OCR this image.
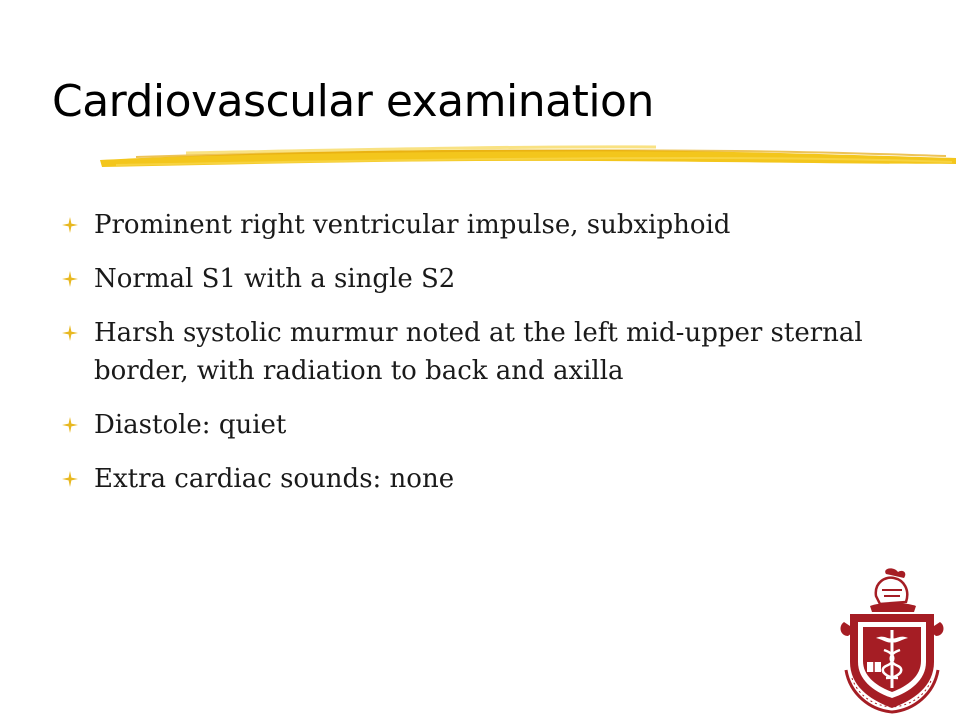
Cardiovascular examination
Prominent right ventricular impulse, subxiphoid
Normal S1 with a single S2
Harsh systolic murmur noted at the left mid-upper sternal border, with radiation to back and axilla
Diastole: quiet
Extra cardiac sounds: none
